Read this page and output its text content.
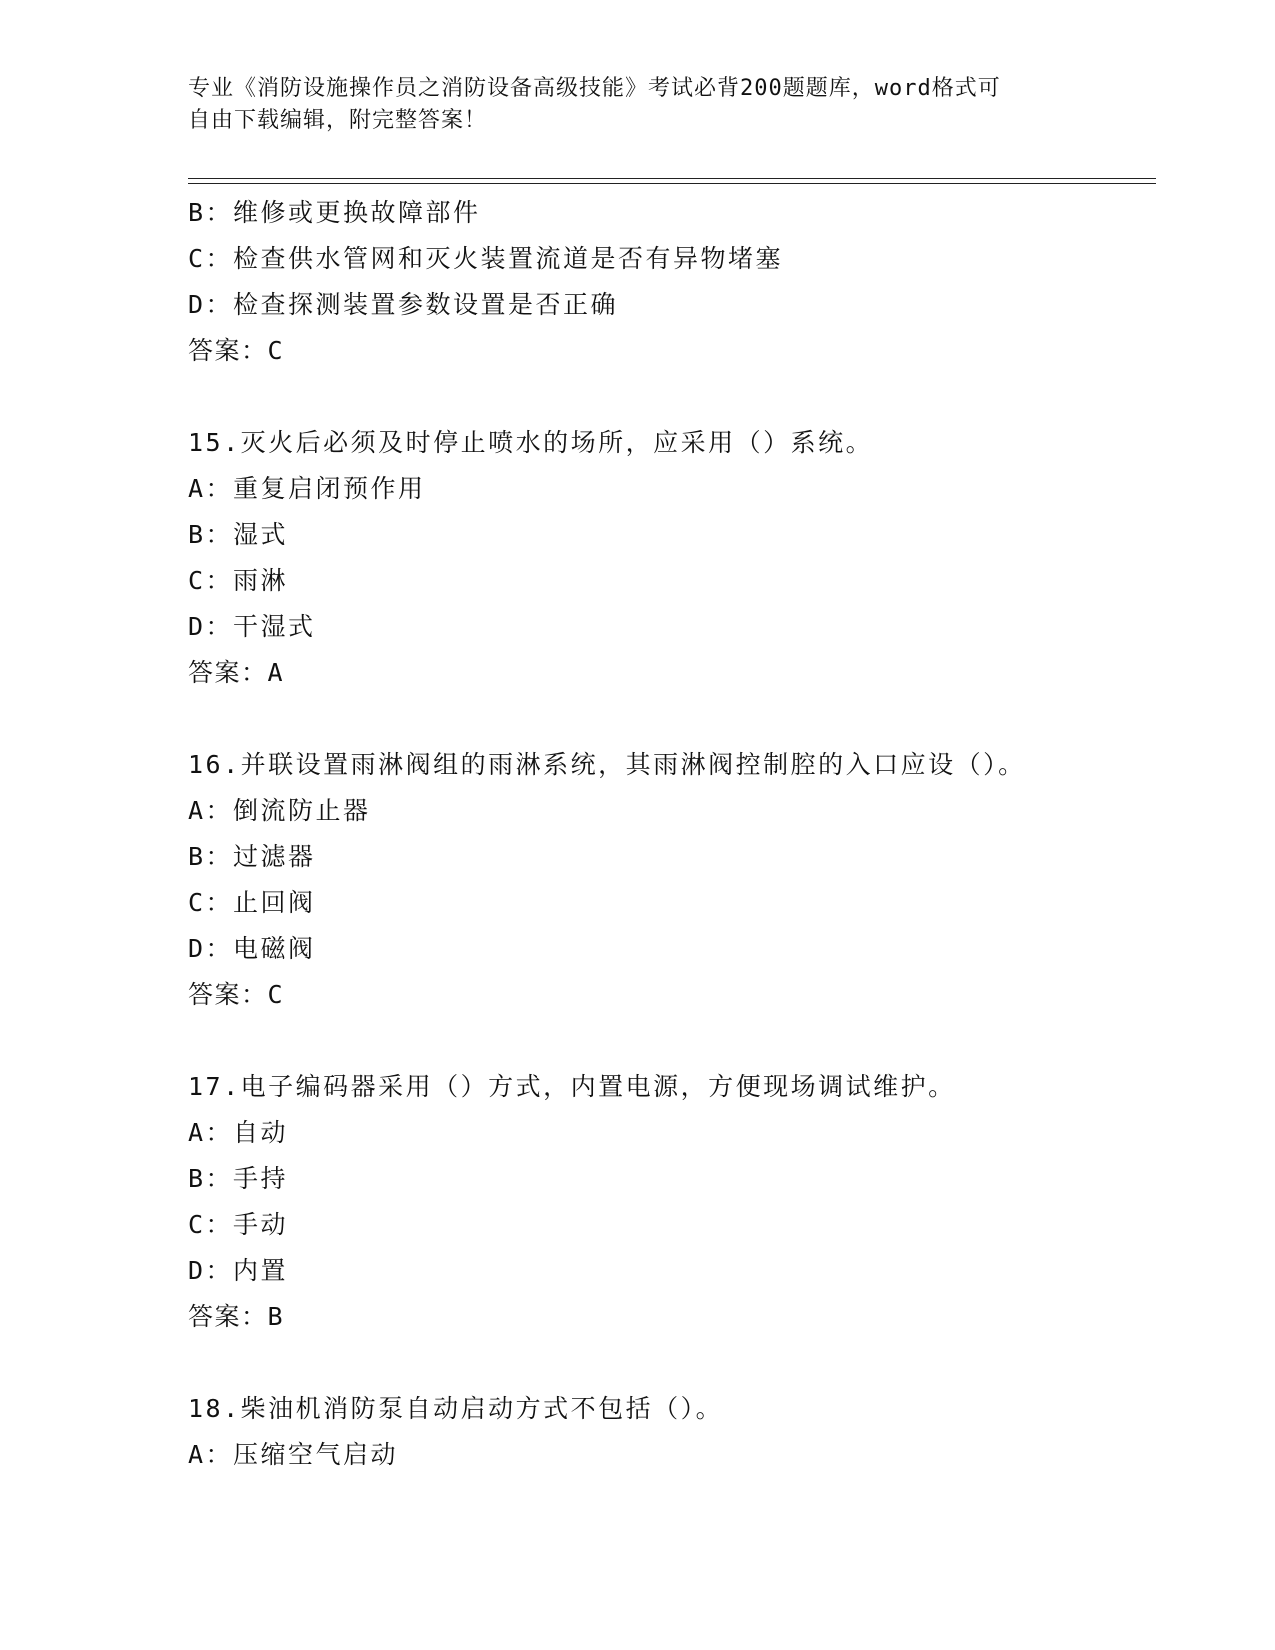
专业《消防设施操作员之消防设备高级技能》考试必背200题题库，word格式可
自由下载编辑，附完整答案！
B：维修或更换故障部件
C：检查供水管网和灭火装置流道是否有异物堵塞
D：检查探测装置参数设置是否正确
答案：C
15.灭火后必须及时停止喷水的场所，应采用（）系统。
A：重复启闭预作用
B：湿式
C：雨淋
D：干湿式
答案：A
16.并联设置雨淋阀组的雨淋系统，其雨淋阀控制腔的入口应设（）。
A：倒流防止器
B：过滤器
C：止回阀
D：电磁阀
答案：C
17.电子编码器采用（）方式，内置电源，方便现场调试维护。
A：自动
B：手持
C：手动
D：内置
答案：B
18.柴油机消防泵自动启动方式不包括（）。
A：压缩空气启动
